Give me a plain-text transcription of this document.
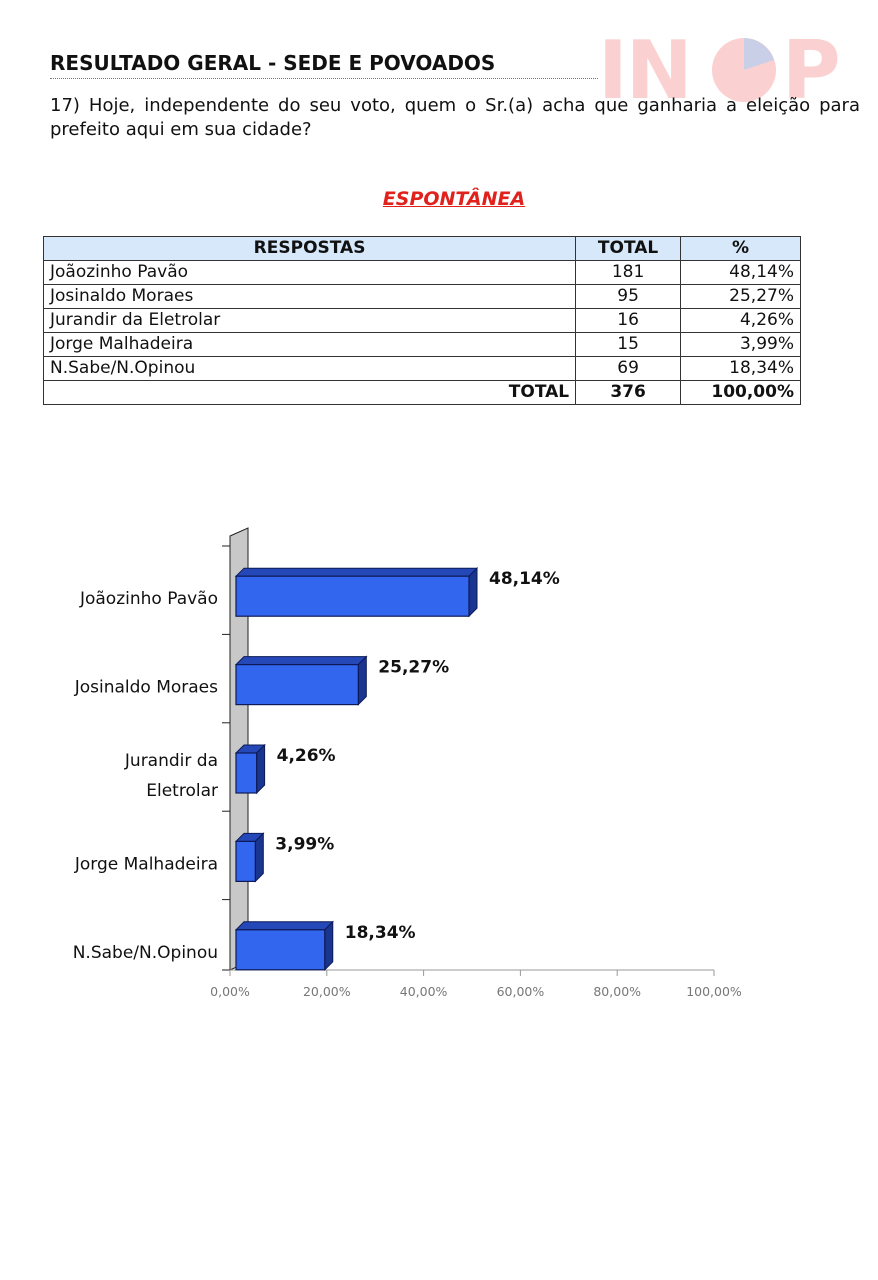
IN P
RESULTADO GERAL - SEDE E POVOADOS
17) Hoje, independente do seu voto, quem o Sr.(a) acha que ganharia a eleição para prefeito aqui em sua cidade?
ESPONTÂNEA
RESPOSTAS	TOTAL	%
Joãozinho Pavão	181	48,14%
Josinaldo Moraes	95	25,27%
Jurandir da Eletrolar	16	4,26%
Jorge Malhadeira	15	3,99%
N.Sabe/N.Opinou	69	18,34%
TOTAL	376	100,00%
0,00%	20,00%	40,00%	60,00%	80,00%	100,00%
48,14%
Joãozinho Pavão
25,27%
Josinaldo Moraes
4,26%
Jurandir da
Eletrolar
3,99%
Jorge Malhadeira
18,34%
N.Sabe/N.Opinou
